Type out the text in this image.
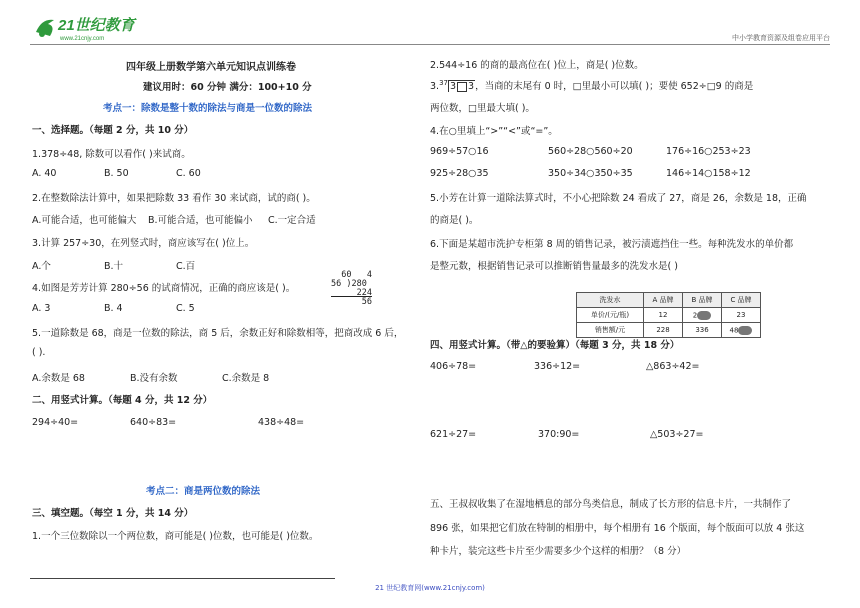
21世纪教育
www.21cnjy.com	中小学教育资源及组卷应用平台
四年级上册数学第六单元知识点训练卷
建议用时：60 分钟 满分：100+10 分
考点一：除数是整十数的除法与商是一位数的除法
一、选择题。（每题 2 分，共 10 分）
1.378÷48, 除数可以看作( )来试商。
A. 40	B. 50	C. 60
2.在整数除法计算中，如果把除数 33 看作 30 来试商，试的商( )。
A.可能合适，也可能偏大 B.可能合适，也可能偏小 C.一定合适
3.计算 257÷30，在列竖式时，商应该写在( )位上。
A.个	B.十	C.百
4.如图是芳芳计算 280÷56 的试商情况，正确的商应该是( )。
60   4
56 )280
224
56
A. 3	B. 4	C. 5
5.一道除数是 68，商是一位数的除法，商 5 后，余数正好和除数相等，把商改成 6 后，
( ).
A.余数是 68	B.没有余数	C.余数是 8
二、用竖式计算。（每题 4 分，共 12 分）
294÷40=	640÷83=	438÷48=
考点二：商是两位数的除法
三、填空题。（每空 1 分，共 14 分）
1.一个三位数除以一个两位数，商可能是( )位数，也可能是( )位数。
2.544÷16 的商的最高位在( )位上，商是( )位数。
3.37 3 3，当商的末尾有 0 时，□里最小可以填( )；要使 652÷□9 的商是
两位数，□里最大填( )。
4.在○里填上“>”“<”或“=”。
969÷57○16	560÷28○560÷20	176÷16○253÷23
925÷28○35	350÷34○350÷35	146÷14○158÷12
5.小芳在计算一道除法算式时，不小心把除数 24 看成了 27，商是 26，余数是 18，正确
的商是( )。
6.下面是某超市洗护专柜第 8 周的销售记录，被污渍遮挡住一些。每种洗发水的单价都
是整元数，根据销售记录可以推断销售量最多的洗发水是( )
洗发水	A 品牌	B 品牌	C 品牌
单价/(元/瓶)	12	2	23
销售额/元	228	336	48
四、用竖式计算。（带△的要验算）（每题 3 分，共 18 分）
406÷78=	336÷12=	△863÷42=
621÷27=	370:90=	△503÷27=
五、王叔叔收集了在湿地栖息的部分鸟类信息，制成了长方形的信息卡片，一共制作了
896 张，如果把它们放在特制的相册中，每个相册有 16 个版面，每个版面可以放 4 张这
种卡片，装完这些卡片至少需要多少个这样的相册？（8 分）
21 世纪教育网(www.21cnjy.com)
